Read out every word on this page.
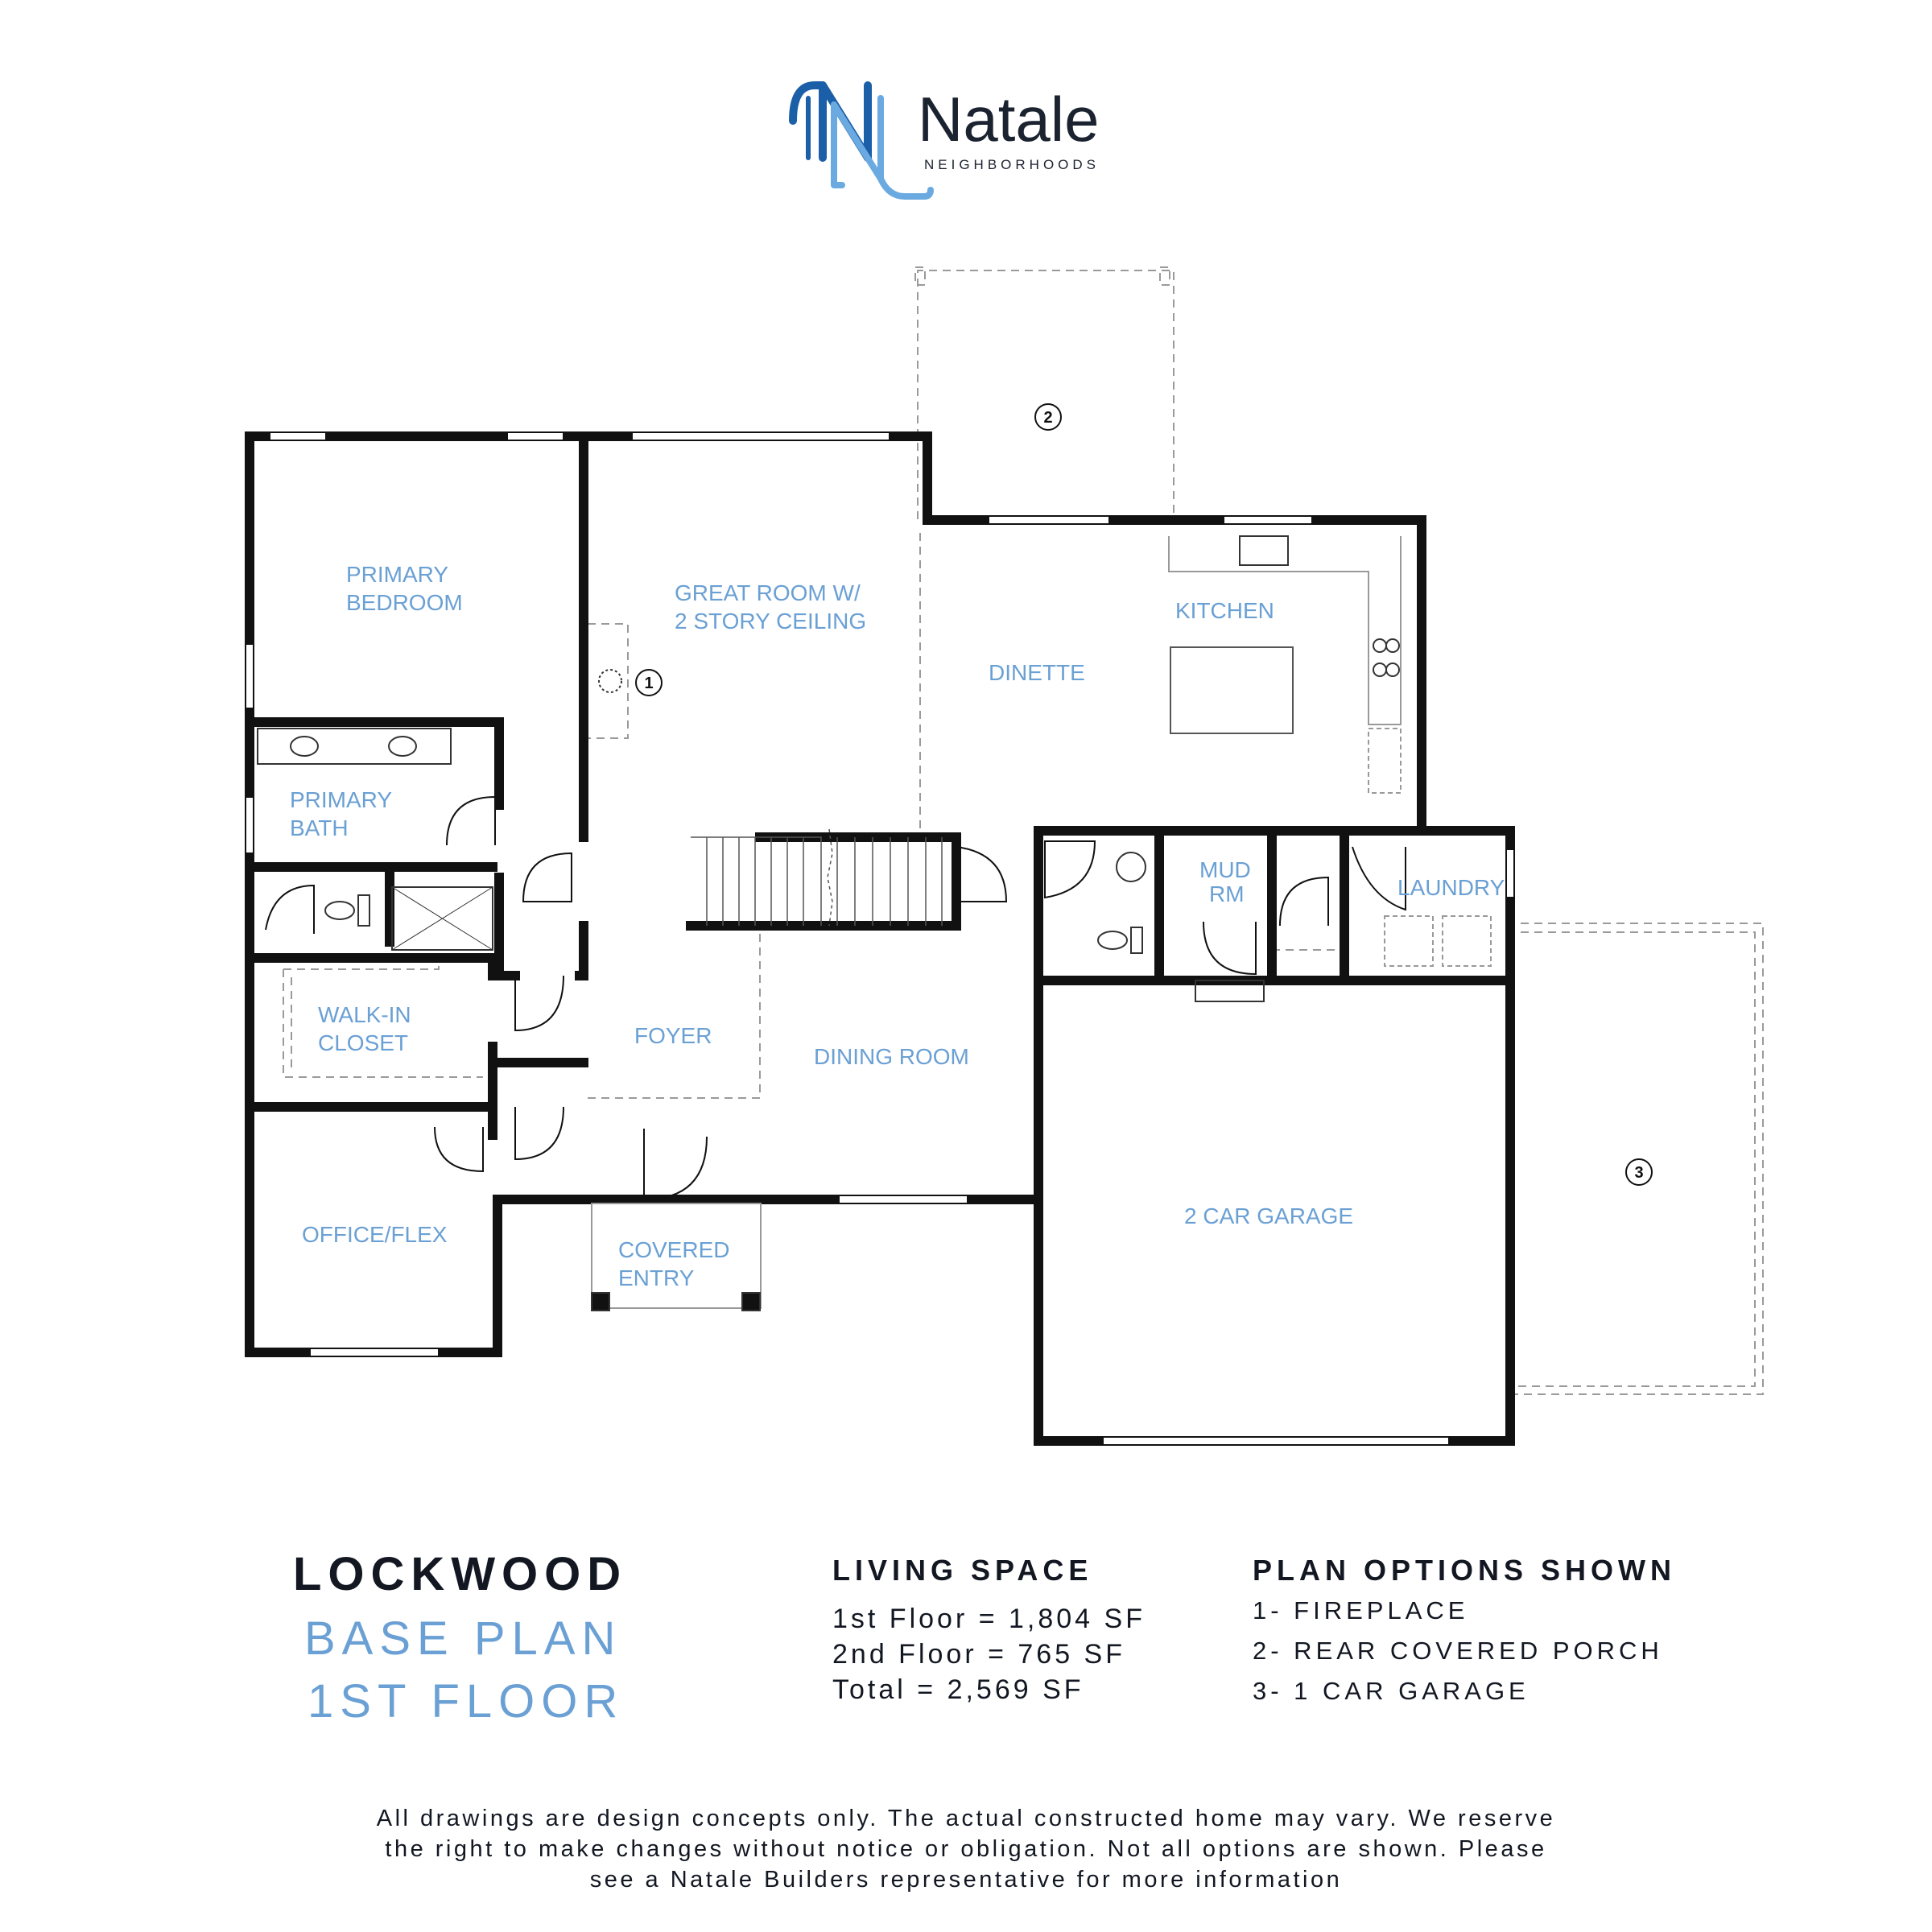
Natale
NEIGHBORHOODS
1
2
3
PRIMARY
BEDROOM	GREAT ROOM W/
2 STORY CEILING
DINETTE
KITCHEN
PRIMARY
BATH
MUD
RM	LAUNDRY
WALK-IN
CLOSET	FOYER
DINING ROOM
OFFICE/FLEX
COVERED
ENTRY
2 CAR GARAGE
LOCKWOOD
BASE PLAN
1ST FLOOR
LIVING SPACE
1st Floor = 1,804 SF
2nd Floor = 765 SF
Total = 2,569 SF
PLAN OPTIONS SHOWN
1- FIREPLACE
2- REAR COVERED PORCH
3- 1 CAR GARAGE
All drawings are design concepts only. The actual constructed home may vary. We reserve
the right to make changes without notice or obligation. Not all options are shown. Please
see a Natale Builders representative for more information
